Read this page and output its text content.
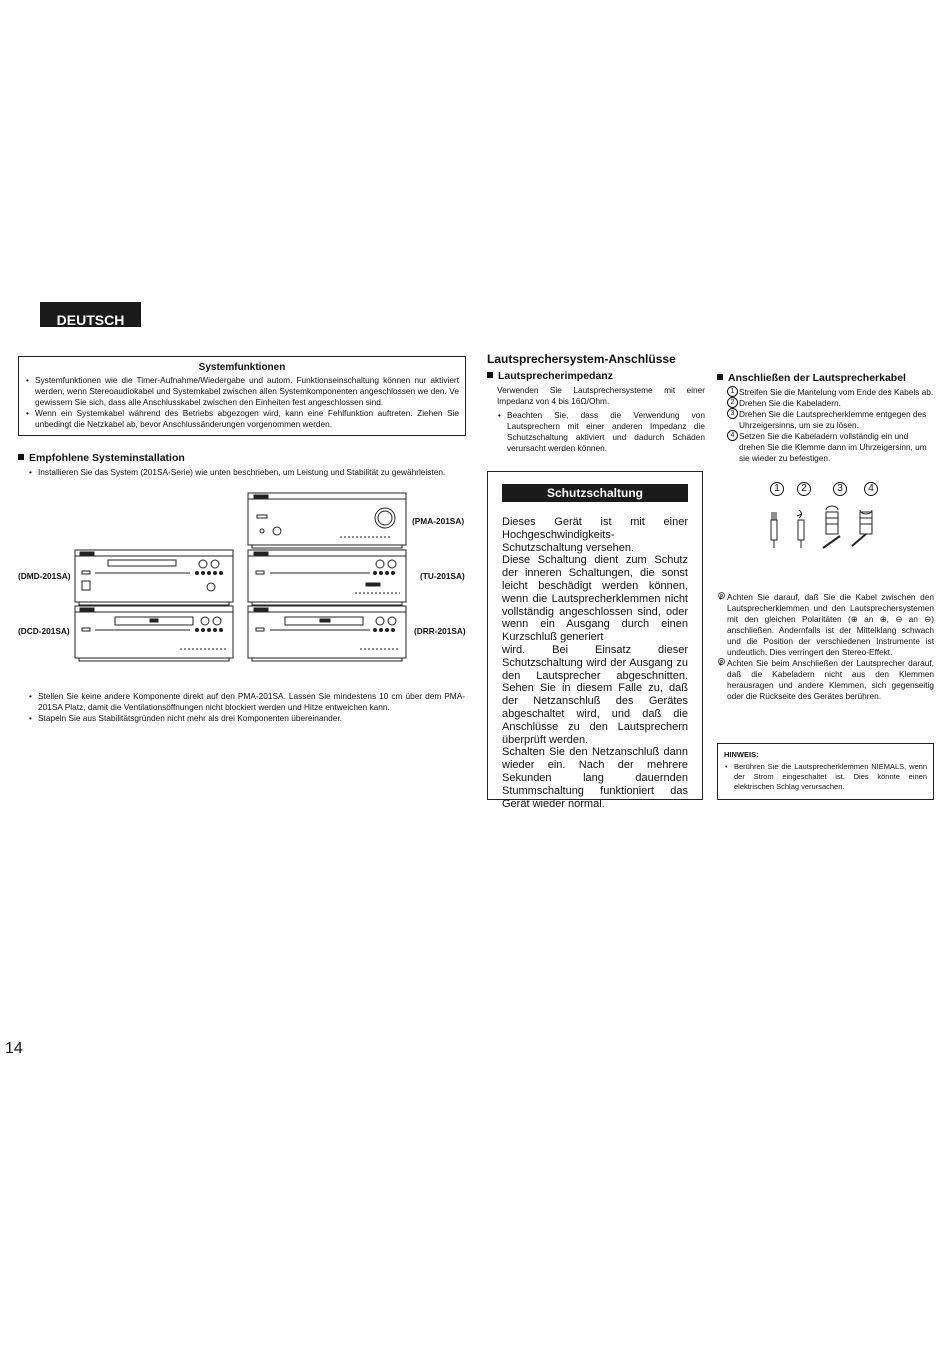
DEUTSCH
Systemfunktionen
• Systemfunktionen wie die Timer-Aufnahme/Wiedergabe und autom. Funktionseinschaltung können nur aktiviert werden, wenn Stereoaudiokabel und Systemkabel zwischen allen Systemkomponenten angeschlossen we den. Ve gewissern Sie sich, dass alle Anschlusskabel zwischen den Einheiten fest angeschlossen sind.
• Wenn ein Systemkabel während des Betriebs abgezogen wird, kann eine Fehlfunktion auftreten. Ziehen Sie unbedingt die Netzkabel ab, bevor Anschlussänderungen vorgenommen werden.
Empfohlene Systeminstallation
• Installieren Sie das System (201SA-Serie) wie unten beschrieben, um Leistung und Stabilität zu gewährleisten.
(PMA-201SA)
(DMD-201SA)	(TU-201SA)
(DCD-201SA)	(DRR-201SA)
• Stellen Sie keine andere Komponente direkt auf den PMA-201SA. Lassen Sie mindestens 10 cm über dem PMA-201SA Platz, damit die Ventilationsöffnungen nicht blockiert werden und Hitze entweichen kann.
• Stapeln Sie aus Stabilitätsgründen nicht mehr als drei Komponenten übereinander.
Lautsprechersystem-Anschlüsse
Lautsprecherimpedanz
Verwenden Sie Lautsprechersysteme mit einer Impedanz von 4 bis 16Ω/Ohm.
• Beachten Sie, dass die Verwendung von Lautsprechern mit einer anderen Impedanz die Schutzschaltung aktiviert und dadurch Schäden verursacht werden können.
Schutzschaltung
Dieses Gerät ist mit einer Hochgeschwindigkeits-Schutzschaltung versehen.
Diese Schaltung dient zum Schutz der inneren Schaltungen, die sonst leicht beschädigt werden können, wenn die Lautsprecherklemmen nicht vollständig angeschlossen sind, oder wenn ein Ausgang durch einen Kurzschluß generiert
wird. Bei Einsatz dieser Schutzschaltung wird der Ausgang zu den Lautsprecher abgeschnitten. Sehen Sie in diesem Falle zu, daß der Netzanschluß des Gerätes abgeschaltet wird, und daß die Anschlüsse zu den Lautsprechern überprüft werden.
Schalten Sie den Netzanschluß dann wieder ein. Nach der mehrere Sekunden lang dauernden Stummschaltung funktioniert das Gerät wieder normal.
Anschließen der Lautsprecherkabel
1 Streifen Sie die Mantelung vom Ende des Kabels ab.
2 Drehen Sie die Kabeladern.
3 Drehen Sie die Lautsprecherklemme entgegen des Uhrzeigersinns, um sie zu lösen.
4 Setzen Sie die Kabeladern vollständig ein und drehen Sie die Klemme dann im Uhrzeigersinn, um sie wieder zu befestigen.
1	2	3	4
• Achten Sie darauf, daß Sie die Kabel zwischen den Lautsprecherklemmen und den Lautsprechersystemen mit den gleichen Polaritäten (⊕ an ⊕, ⊖ an ⊖) anschließen. Andernfalls ist der Mittelklang schwach und die Position der verschiedenen Instrumente ist undeutlich. Dies verringert den Stereo-Effekt.
• Achten Sie beim Anschließen der Lautsprecher darauf, daß die Kabeladern nicht aus den Klemmen herausragen und andere Klemmen, sich gegenseitig oder die Rückseite des Gerätes berühren.
HINWEIS:
• Berühren Sie die Lautsprecherklemmen NIEMALS, wenn der Strom eingeschaltet ist. Dies könnte einen elektrischen Schlag verursachen.
14
